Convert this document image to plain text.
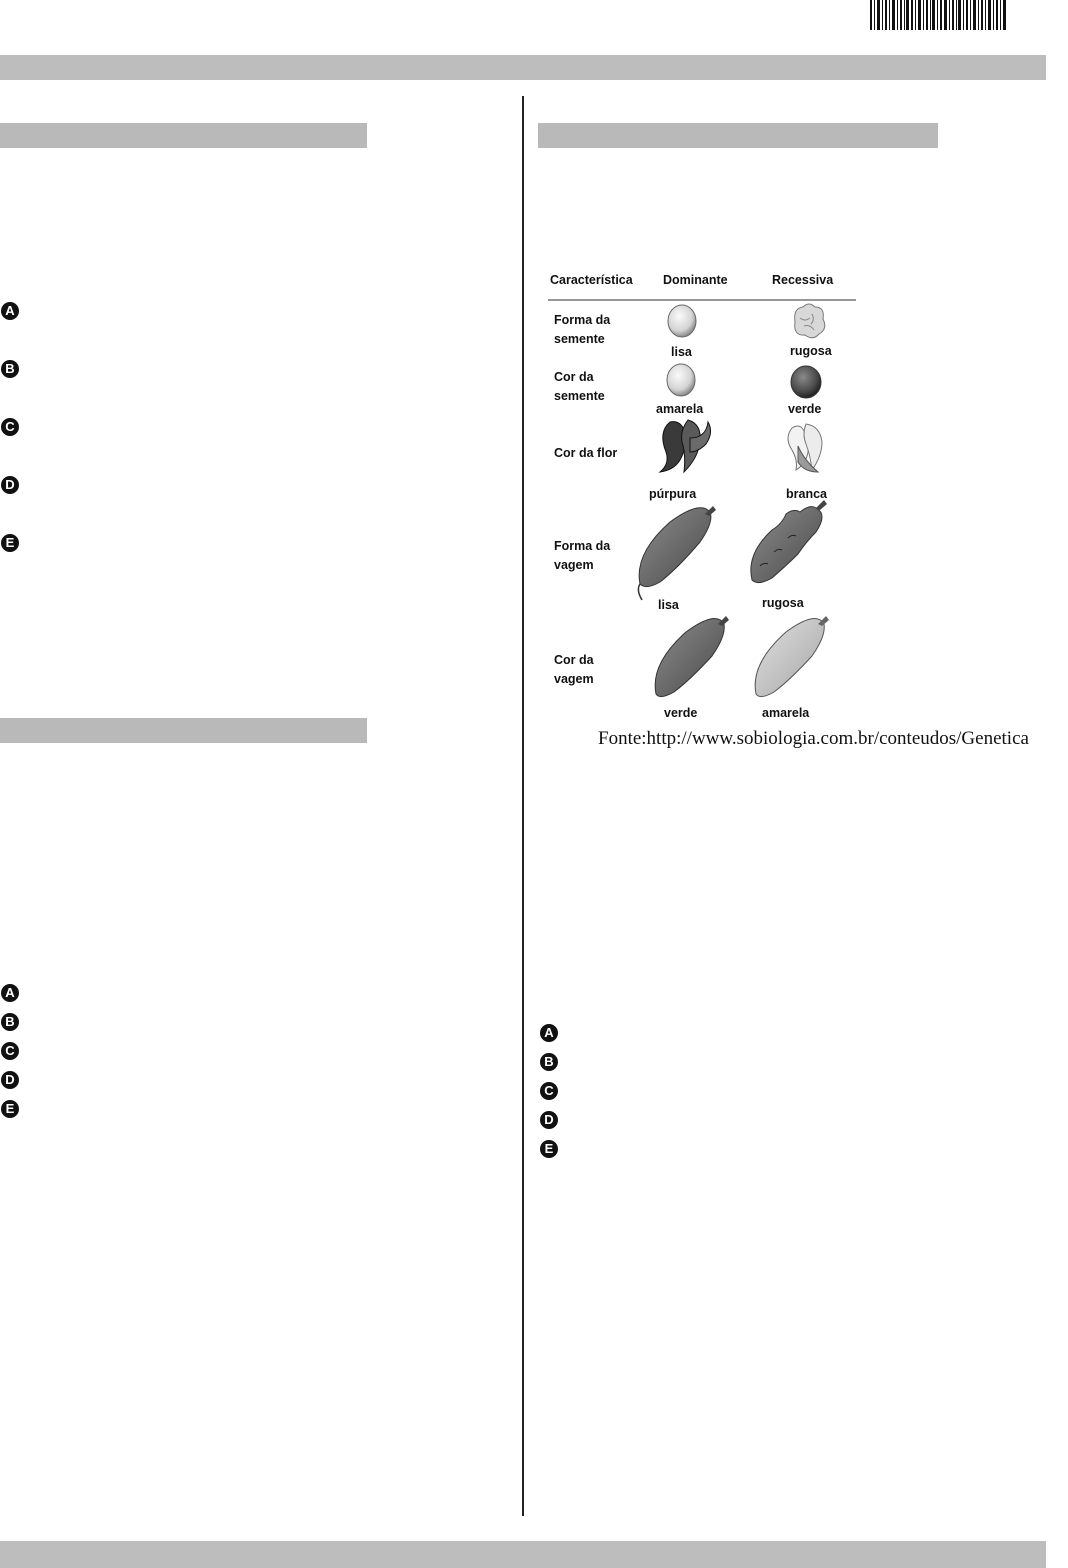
A
B
C
D
E
A
B
C
D
E
Característica Dominante	Recessiva
Forma da
semente
lisa	rugosa
Cor da
semente
amarela	verde
Cor da flor
púrpura	branca
Forma da
vagem
lisa	rugosa
Cor da
vagem
verde	amarela
Fonte:http://www.sobiologia.com.br/conteudos/Genetica
A
B
C
D
E
